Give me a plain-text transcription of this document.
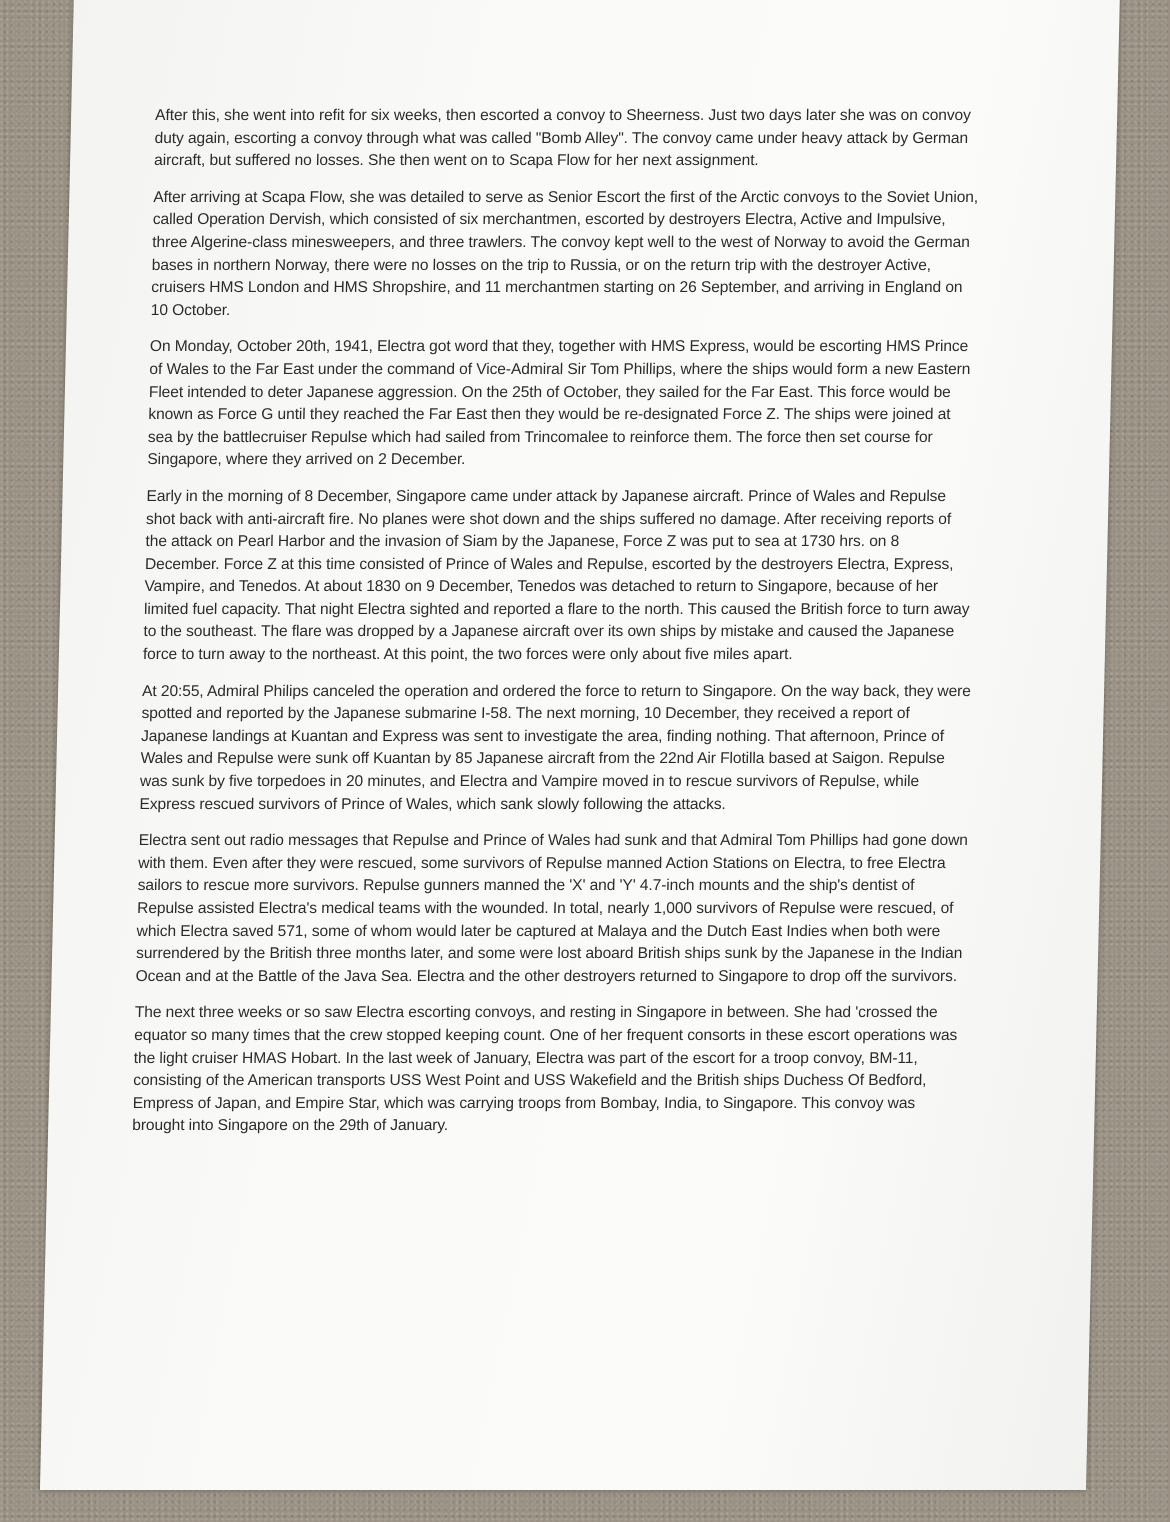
After this, she went into refit for six weeks, then escorted a convoy to Sheerness. Just two days later she was on convoy duty again, escorting a convoy through what was called "Bomb Alley". The convoy came under heavy attack by German aircraft, but suffered no losses. She then went on to Scapa Flow for her next assignment.

After arriving at Scapa Flow, she was detailed to serve as Senior Escort the first of the Arctic convoys to the Soviet Union, called Operation Dervish, which consisted of six merchantmen, escorted by destroyers Electra, Active and Impulsive, three Algerine-class minesweepers, and three trawlers. The convoy kept well to the west of Norway to avoid the German bases in northern Norway, there were no losses on the trip to Russia, or on the return trip with the destroyer Active, cruisers HMS London and HMS Shropshire, and 11 merchantmen starting on 26 September, and arriving in England on 10 October.

On Monday, October 20th, 1941, Electra got word that they, together with HMS Express, would be escorting HMS Prince of Wales to the Far East under the command of Vice-Admiral Sir Tom Phillips, where the ships would form a new Eastern Fleet intended to deter Japanese aggression. On the 25th of October, they sailed for the Far East. This force would be known as Force G until they reached the Far East then they would be re-designated Force Z. The ships were joined at sea by the battlecruiser Repulse which had sailed from Trincomalee to reinforce them. The force then set course for Singapore, where they arrived on 2 December.

Early in the morning of 8 December, Singapore came under attack by Japanese aircraft. Prince of Wales and Repulse shot back with anti-aircraft fire. No planes were shot down and the ships suffered no damage. After receiving reports of the attack on Pearl Harbor and the invasion of Siam by the Japanese, Force Z was put to sea at 1730 hrs. on 8 December. Force Z at this time consisted of Prince of Wales and Repulse, escorted by the destroyers Electra, Express, Vampire, and Tenedos. At about 1830 on 9 December, Tenedos was detached to return to Singapore, because of her limited fuel capacity. That night Electra sighted and reported a flare to the north. This caused the British force to turn away to the southeast. The flare was dropped by a Japanese aircraft over its own ships by mistake and caused the Japanese force to turn away to the northeast. At this point, the two forces were only about five miles apart.

At 20:55, Admiral Philips canceled the operation and ordered the force to return to Singapore. On the way back, they were spotted and reported by the Japanese submarine I-58. The next morning, 10 December, they received a report of Japanese landings at Kuantan and Express was sent to investigate the area, finding nothing. That afternoon, Prince of Wales and Repulse were sunk off Kuantan by 85 Japanese aircraft from the 22nd Air Flotilla based at Saigon. Repulse was sunk by five torpedoes in 20 minutes, and Electra and Vampire moved in to rescue survivors of Repulse, while Express rescued survivors of Prince of Wales, which sank slowly following the attacks.

Electra sent out radio messages that Repulse and Prince of Wales had sunk and that Admiral Tom Phillips had gone down with them. Even after they were rescued, some survivors of Repulse manned Action Stations on Electra, to free Electra sailors to rescue more survivors. Repulse gunners manned the 'X' and 'Y' 4.7-inch mounts and the ship's dentist of Repulse assisted Electra's medical teams with the wounded. In total, nearly 1,000 survivors of Repulse were rescued, of which Electra saved 571, some of whom would later be captured at Malaya and the Dutch East Indies when both were surrendered by the British three months later, and some were lost aboard British ships sunk by the Japanese in the Indian Ocean and at the Battle of the Java Sea. Electra and the other destroyers returned to Singapore to drop off the survivors.

The next three weeks or so saw Electra escorting convoys, and resting in Singapore in between. She had 'crossed the equator so many times that the crew stopped keeping count. One of her frequent consorts in these escort operations was the light cruiser HMAS Hobart. In the last week of January, Electra was part of the escort for a troop convoy, BM-11, consisting of the American transports USS West Point and USS Wakefield and the British ships Duchess Of Bedford, Empress of Japan, and Empire Star, which was carrying troops from Bombay, India, to Singapore. This convoy was brought into Singapore on the 29th of January.
